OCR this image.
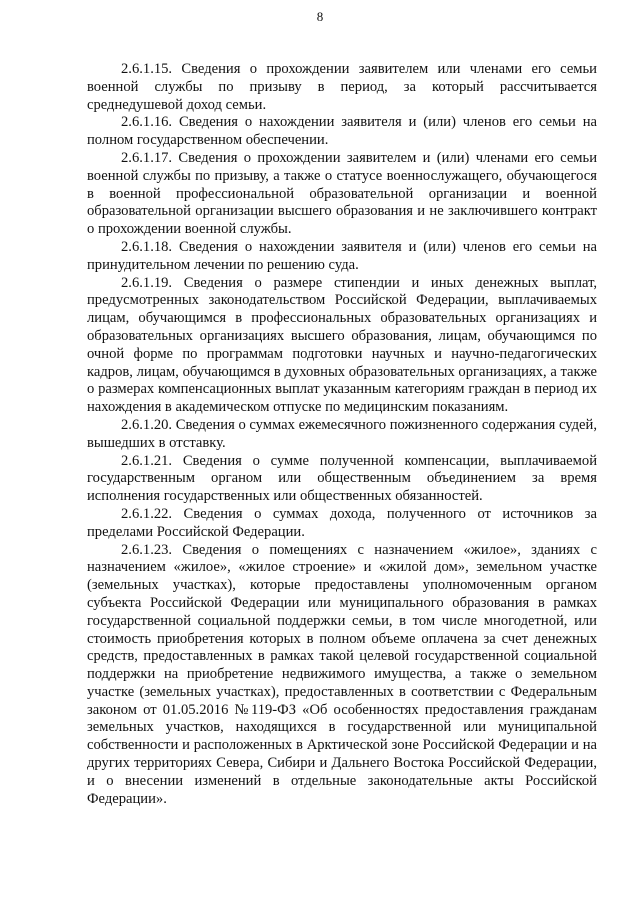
8

2.6.1.15. Сведения о прохождении заявителем или членами его семьи военной службы по призыву в период, за который рассчитывается среднедушевой доход семьи.

2.6.1.16. Сведения о нахождении заявителя и (или) членов его семьи на полном государственном обеспечении.

2.6.1.17. Сведения о прохождении заявителем и (или) членами его семьи военной службы по призыву, а также о статусе военнослужащего, обучающегося в военной профессиональной образовательной организации и военной образовательной организации высшего образования и не заключившего контракт о прохождении военной службы.

2.6.1.18. Сведения о нахождении заявителя и (или) членов его семьи на принудительном лечении по решению суда.

2.6.1.19. Сведения о размере стипендии и иных денежных выплат, предусмотренных законодательством Российской Федерации, выплачиваемых лицам, обучающимся в профессиональных образовательных организациях и образовательных организациях высшего образования, лицам, обучающимся по очной форме по программам подготовки научных и научно-педагогических кадров, лицам, обучающимся в духовных образовательных организациях, а также о размерах компенсационных выплат указанным категориям граждан в период их нахождения в академическом отпуске по медицинским показаниям.

2.6.1.20. Сведения о суммах ежемесячного пожизненного содержания судей, вышедших в отставку.

2.6.1.21. Сведения о сумме полученной компенсации, выплачиваемой государственным органом или общественным объединением за время исполнения государственных или общественных обязанностей.

2.6.1.22. Сведения о суммах дохода, полученного от источников за пределами Российской Федерации.

2.6.1.23. Сведения о помещениях с назначением «жилое», зданиях с назначением «жилое», «жилое строение» и «жилой дом», земельном участке (земельных участках), которые предоставлены уполномоченным органом субъекта Российской Федерации или муниципального образования в рамках государственной социальной поддержки семьи, в том числе многодетной, или стоимость приобретения которых в полном объеме оплачена за счет денежных средств, предоставленных в рамках такой целевой государственной социальной поддержки на приобретение недвижимого имущества, а также о земельном участке (земельных участках), предоставленных в соответствии с Федеральным законом от 01.05.2016 №119-ФЗ «Об особенностях предоставления гражданам земельных участков, находящихся в государственной или муниципальной собственности и расположенных в Арктической зоне Российской Федерации и на других территориях Севера, Сибири и Дальнего Востока Российской Федерации, и о внесении изменений в отдельные законодательные акты Российской Федерации».
